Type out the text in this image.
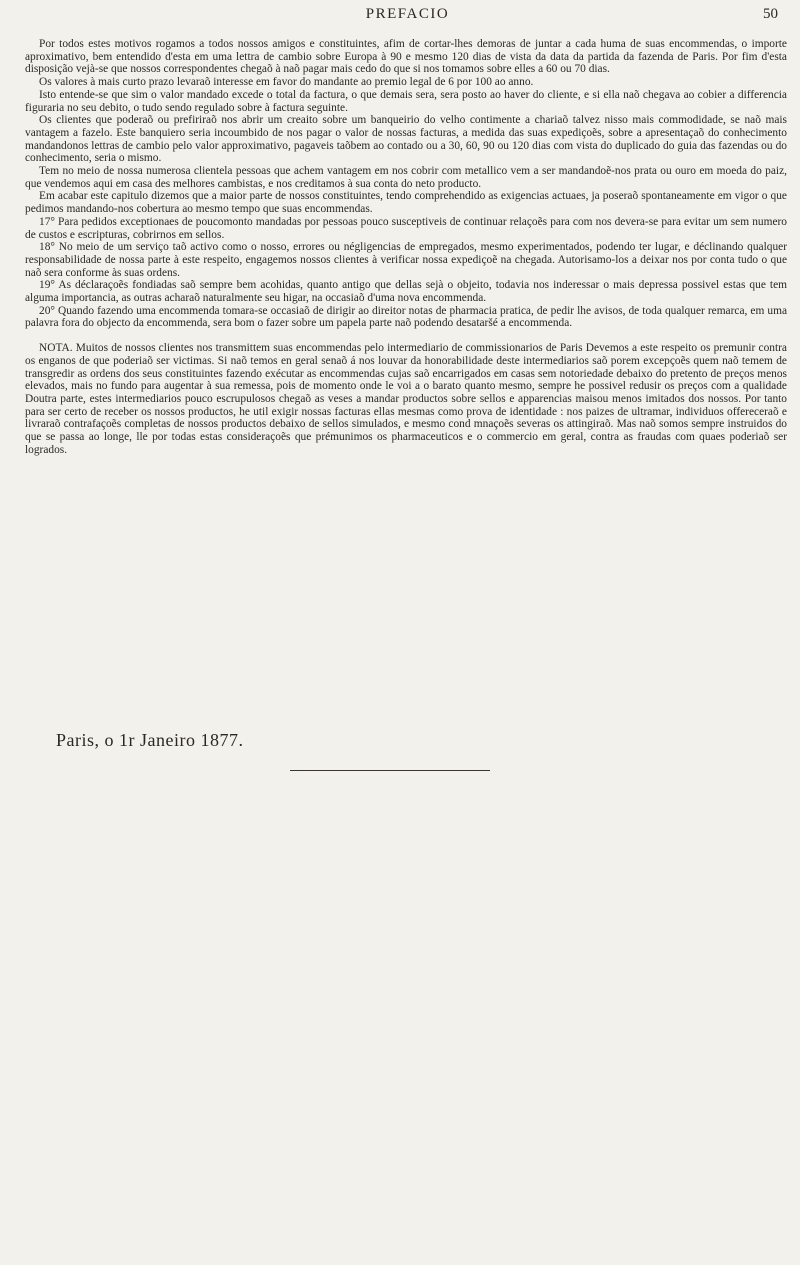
PREFACIO	50

Por todos estes motivos rogamos a todos nossos amigos e constituintes, afim de cortar-lhes demoras de juntar a cada huma de suas encommendas, o importe aproximativo, bem entendido d'esta em uma lettra de cambio sobre Europa à 90 e mesmo 120 dias de vista da data da partida da fazenda de Paris. Por fim d'esta disposição vejà-se que nossos correspondentes chegaõ à naõ pagar mais cedo do que si nos tomamos sobre elles a 60 ou 70 dias.

Os valores à mais curto prazo levaraõ interesse em favor do mandante ao premio legal de 6 por 100 ao anno.

Isto entende-se que sim o valor mandado excede o total da factura, o que demais sera, sera posto ao haver do cliente, e si ella naõ chegava ao cobier a differencia figuraria no seu debito, o tudo sendo regulado sobre à factura seguinte.

Os clientes que poderaõ ou prefiriraõ nos abrir um creaito sobre um banqueirio do velho contimente a chariaõ talvez nisso mais commodidade, se naõ mais vantagem a fazelo. Este banquiero seria incoumbido de nos pagar o valor de nossas facturas, a medida das suas expediçoẽs, sobre a apresentaçaõ do conhecimento mandandonos lettras de cambio pelo valor approximativo, pagaveis taõbem ao contado ou a 30, 60, 90 ou 120 dias com vista do duplicado do guia das fazendas ou do conhecimento, seria o mismo.

Tem no meio de nossa numerosa clientela pessoas que achem vantagem em nos cobrir com metallico vem a ser mandandoẽ-nos prata ou ouro em moeda do paiz, que vendemos aqui em casa des melhores cambistas, e nos creditamos à sua conta do neto producto.

Em acabar este capitulo dizemos que a maior parte de nossos constituintes, tendo comprehendido as exigencias actuaes, ja poseraõ spontaneamente em vigor o que pedimos mandando-nos cobertura ao mesmo tempo que suas encommendas.

17° Para pedidos exceptionaes de poucomonto mandadas por pessoas pouco susceptiveis de continuar relaçoẽs para com nos devera-se para evitar um sem numero de custos e escripturas, cobrirnos em sellos.

18° No meio de um serviço taõ activo como o nosso, errores ou négligencias de empregados, mesmo experimentados, podendo ter lugar, e déclinando qualquer responsabilidade de nossa parte à este respeito, engagemos nossos clientes à verificar nossa expediçoẽ na chegada. Autorisamo-los a deixar nos por conta tudo o que naõ sera conforme às suas ordens.

19° As déclaraçoẽs fondiadas saõ sempre bem acohidas, quanto antigo que dellas sejà o objeito, todavia nos inderessar o mais depressa possivel estas que tem alguma importancia, as outras acharaõ naturalmente seu higar, na occasiaõ d'uma nova encommenda.

20° Quando fazendo uma encommenda tomara-se occasiaõ de dirigir ao direitor notas de pharmacia pratica, de pedir lhe avisos, de toda qualquer remarca, em uma palavra fora do objecto da encommenda, sera bom o fazer sobre um papela parte naõ podendo desataršé a encommenda.

NOTA. Muitos de nossos clientes nos transmittem suas encommendas pelo intermediario de commissionarios de Paris Devemos a este respeito os premunir contra os enganos de que poderiaõ ser victimas. Si naõ temos en geral senaõ á nos louvar da honorabilidade deste intermediarios saõ porem excepçoẽs quem naõ temem de transgredir as ordens dos seus constituintes fazendo exécutar as encommendas cujas saõ encarrigados em casas sem notoriedade debaixo do pretento de preços menos elevados, mais no fundo para augentar à sua remessa, pois de momento onde le voi a o barato quanto mesmo, sempre he possivel redusir os preços com a qualidade Doutra parte, estes intermediarios pouco escrupulosos chegaõ as veses a mandar productos sobre sellos e apparencias maisou menos imitados dos nossos. Por tanto para ser certo de receber os nossos productos, he util exigir nossas facturas ellas mesmas como prova de identidade : nos paizes de ultramar, individuos offereceraõ e livraraõ contrafaçoẽs completas de nossos productos debaixo de sellos simulados, e mesmo cond mnaçoẽs severas os attingiraõ. Mas naõ somos sempre instruidos do que se passa ao longe, lle por todas estas consideraçoẽs que prémunimos os pharmaceuticos e o commercio em geral, contra as fraudas com quaes poderiaõ ser logrados.

Paris, o 1r Janeiro 1877.
